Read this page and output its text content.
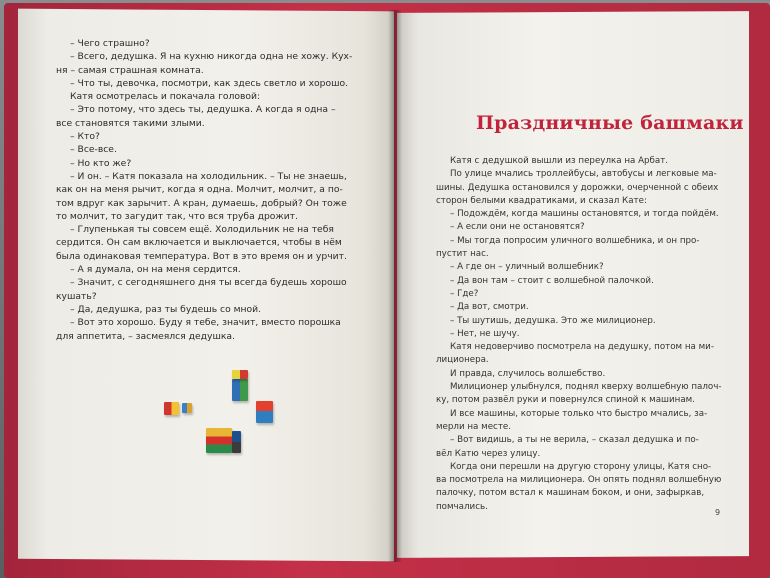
– Чего страшно?
– Всего, дедушка. Я на кухню никогда одна не хожу. Кух-
ня – самая страшная комната.
– Что ты, девочка, посмотри, как здесь светло и хорошо.
Катя осмотрелась и покачала головой:
– Это потому, что здесь ты, дедушка. А когда я одна –
все становятся такими злыми.
– Кто?
– Все-все.
– Но кто же?
– И он. – Катя показала на холодильник. – Ты не знаешь,
как он на меня рычит, когда я одна. Молчит, молчит, а по-
том вдруг как зарычит. А кран, думаешь, добрый? Он тоже
то молчит, то загудит так, что вся труба дрожит.
– Глупенькая ты совсем ещё. Холодильник не на тебя
сердится. Он сам включается и выключается, чтобы в нём
была одинаковая температура. Вот в это время он и урчит.
– А я думала, он на меня сердится.
– Значит, с сегодняшнего дня ты всегда будешь хорошо
кушать?
– Да, дедушка, раз ты будешь со мной.
– Вот это хорошо. Буду я тебе, значит, вместо порошка
для аппетита, – засмеялся дедушка.
Праздничные башмаки
Катя с дедушкой вышли из переулка на Арбат.
По улице мчались троллейбусы, автобусы и легковые ма-
шины. Дедушка остановился у дорожки, очерченной с обеих
сторон белыми квадратиками, и сказал Кате:
– Подождём, когда машины остановятся, и тогда пойдём.
– А если они не остановятся?
– Мы тогда попросим уличного волшебника, и он про-
пустит нас.
– А где он – уличный волшебник?
– Да вон там – стоит с волшебной палочкой.
– Где?
– Да вот, смотри.
– Ты шутишь, дедушка. Это же милиционер.
– Нет, не шучу.
Катя недоверчиво посмотрела на дедушку, потом на ми-
лиционера.
И правда, случилось волшебство.
Милиционер улыбнулся, поднял кверху волшебную палоч-
ку, потом развёл руки и повернулся спиной к машинам.
И все машины, которые только что быстро мчались, за-
мерли на месте.
– Вот видишь, а ты не верила, – сказал дедушка и по-
вёл Катю через улицу.
Когда они перешли на другую сторону улицы, Катя сно-
ва посмотрела на милиционера. Он опять поднял волшебную
палочку, потом встал к машинам боком, и они, зафыркав,
помчались.
9
